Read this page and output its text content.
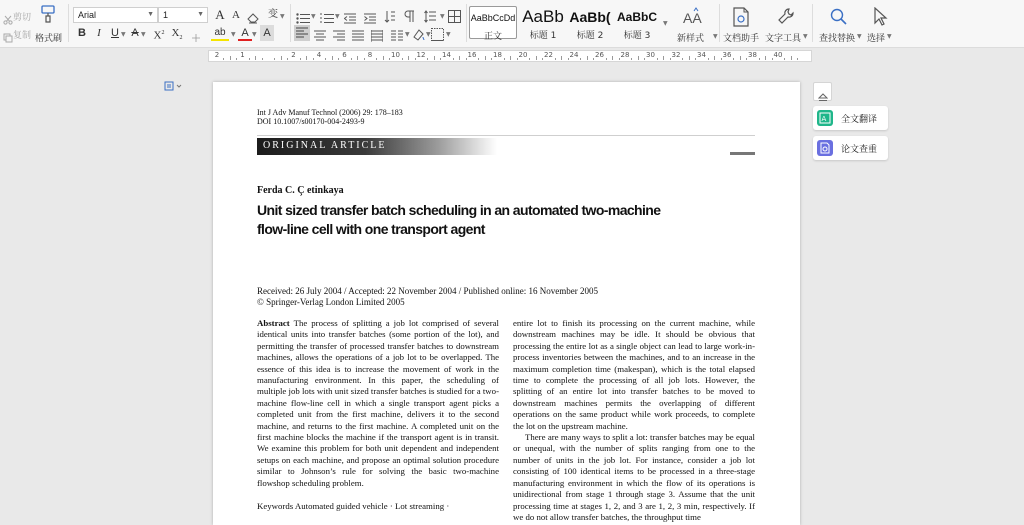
剪切
复制 格式刷
Arial	▼	1	▼ A A	变 ▼
B	I U ▼ A ▼ $X^2$ $X_2$
ab ▼ A ▼ A
▼	▼	▼
▼	▼	▼
AaBbCcDd
正文
AaBb
标题 1
AaBb(
标题 2
AaBbC
标题 3
▼ AA
新样式 ▼ 文档助手 文字工具 ▼ 查找替换 ▼ 选择 ▼
2	1	2	4	6	8	10 12 14 16 18 20 22 24 26 28 30 32 34 36 38 40
Int J Adv Manuf Technol (2006) 29: 178–183
DOI 10.1007/s00170-004-2493-9
ORIGINAL ARTICLE
Ferda C. Ç etinkaya
Unit sized transfer batch scheduling in an automated two-machine
flow-line cell with one transport agent
Received: 26 July 2004 / Accepted: 22 November 2004 / Published online: 16 November 2005
© Springer-Verlag London Limited 2005

Abstract The process of splitting a job lot comprised of several identical units into transfer batches (some portion of the lot), and permitting the transfer of processed transfer batches to downstream machines, allows the operations of a job lot to be overlapped. The essence of this idea is to increase the movement of work in the manufacturing environment. In this paper, the scheduling of multiple job lots with unit sized transfer batches is studied for a two-machine flow-line cell in which a single transport agent picks a completed unit from the first machine, delivers it to the second machine, and returns to the first machine. A completed unit on the first machine blocks the machine if the transport agent is in transit. We examine this problem for both unit dependent and independent setups on each machine, and propose an optimal solution procedure similar to Johnson’s rule for solving the basic two-machine flowshop scheduling problem.

Keywords Automated guided vehicle · Lot streaming ·

entire lot to finish its processing on the current machine, while downstream machines may be idle. It should be obvious that processing the entire lot as a single object can lead to large work-in-process inventories between the machines, and to an increase in the maximum completion time (makespan), which is the total elapsed time to complete the processing of all job lots. However, the splitting of an entire lot into transfer batches to be moved to downstream machines permits the overlapping of different operations on the same product while work proceeds, to complete the lot on the upstream machine.

There are many ways to split a lot: transfer batches may be equal or unequal, with the number of splits ranging from one to the number of units in the job lot. For instance, consider a job lot consisting of 100 identical items to be processed in a three-stage manufacturing environment in which the flow of its operations is unidirectional from stage 1 through stage 3. Assume that the unit processing time at stages 1, 2, and 3 are 1, 2, 3 min, respectively. If we do not allow transfer batches, the throughput time

A 全文翻译
论文查重
